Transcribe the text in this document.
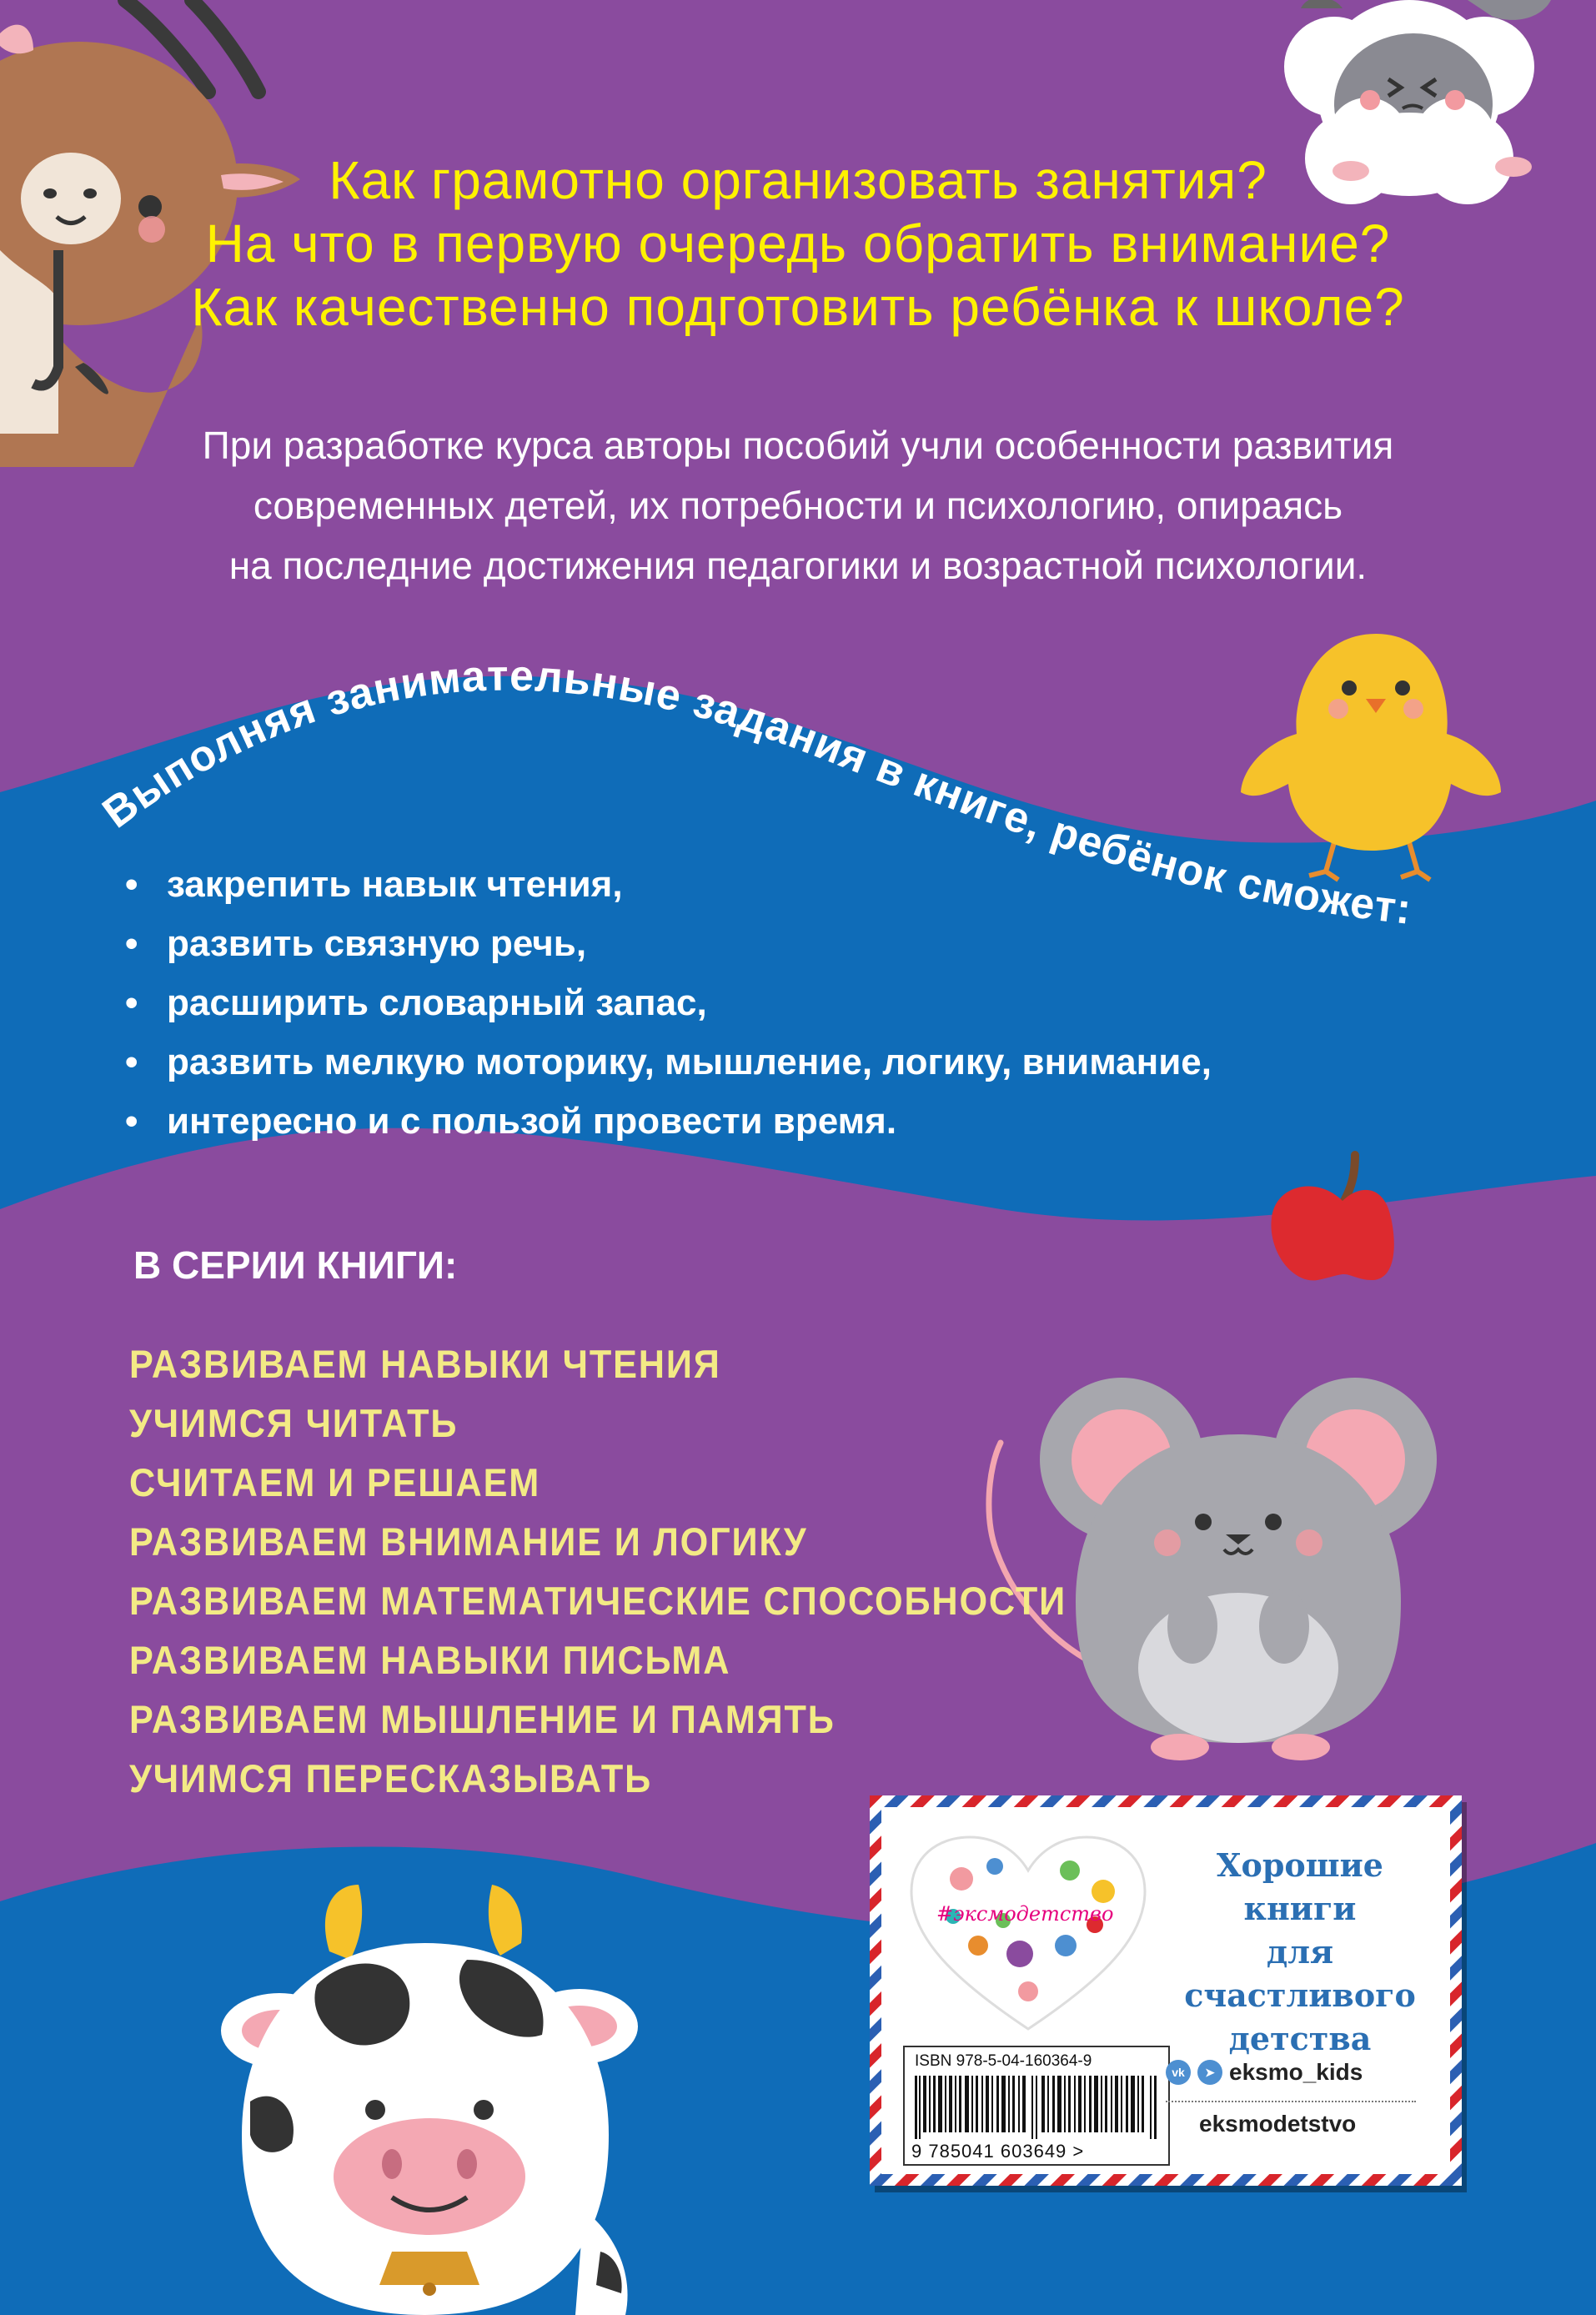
Как грамотно организовать занятия?
На что в первую очередь обратить внимание?
Как качественно подготовить ребёнка к школе?
При разработке курса авторы пособий учли особенности развития
современных детей, их потребности и психологию, опираясь
на последние достижения педагогики и возрастной психологии.
Выполняя занимательные задания в книге, ребёнок сможет:
• закрепить навык чтения,
• развить связную речь,
• расширить словарный запас,
• развить мелкую моторику, мышление, логику, внимание,
• интересно и с пользой провести время.
В СЕРИИ КНИГИ:
РАЗВИВАЕМ НАВЫКИ ЧТЕНИЯ
УЧИМСЯ ЧИТАТЬ
СЧИТАЕМ И РЕШАЕМ
РАЗВИВАЕМ ВНИМАНИЕ И ЛОГИКУ
РАЗВИВАЕМ МАТЕМАТИЧЕСКИЕ СПОСОБНОСТИ
РАЗВИВАЕМ НАВЫКИ ПИСЬМА
РАЗВИВАЕМ МЫШЛЕНИЕ И ПАМЯТЬ
УЧИМСЯ ПЕРЕСКАЗЫВАТЬ
#эксмодетство
Хорошие
книги
для счастливого
детства
ISBN 978-5-04-160364-9
9 785041 603649 >
vk	➤ eksmo_kids
eksmodetstvo
